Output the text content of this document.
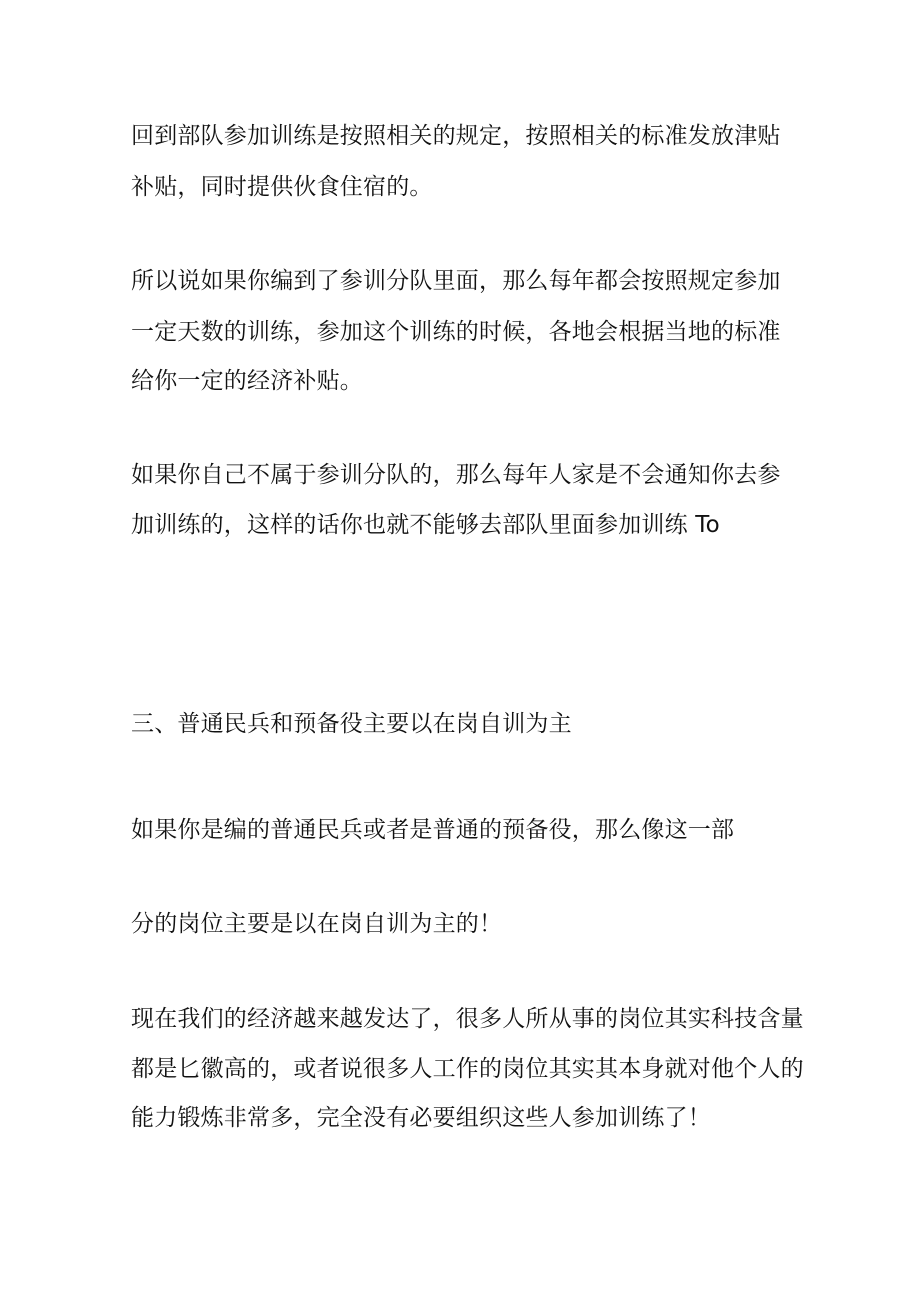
回到部队参加训练是按照相关的规定，按照相关的标准发放津贴
补贴，同时提供伙食住宿的。
所以说如果你编到了参训分队里面，那么每年都会按照规定参加
一定天数的训练，参加这个训练的时候，各地会根据当地的标准
给你一定的经济补贴。
如果你自己不属于参训分队的，那么每年人家是不会通知你去参
加训练的，这样的话你也就不能够去部队里面参加训练 To
三、普通民兵和预备役主要以在岗自训为主
如果你是编的普通民兵或者是普通的预备役，那么像这一部
分的岗位主要是以在岗自训为主的！
现在我们的经济越来越发达了，很多人所从事的岗位其实科技含量
都是匕徽高的，或者说很多人工作的岗位其实其本身就对他个人的
能力锻炼非常多，完全没有必要组织这些人参加训练了！
